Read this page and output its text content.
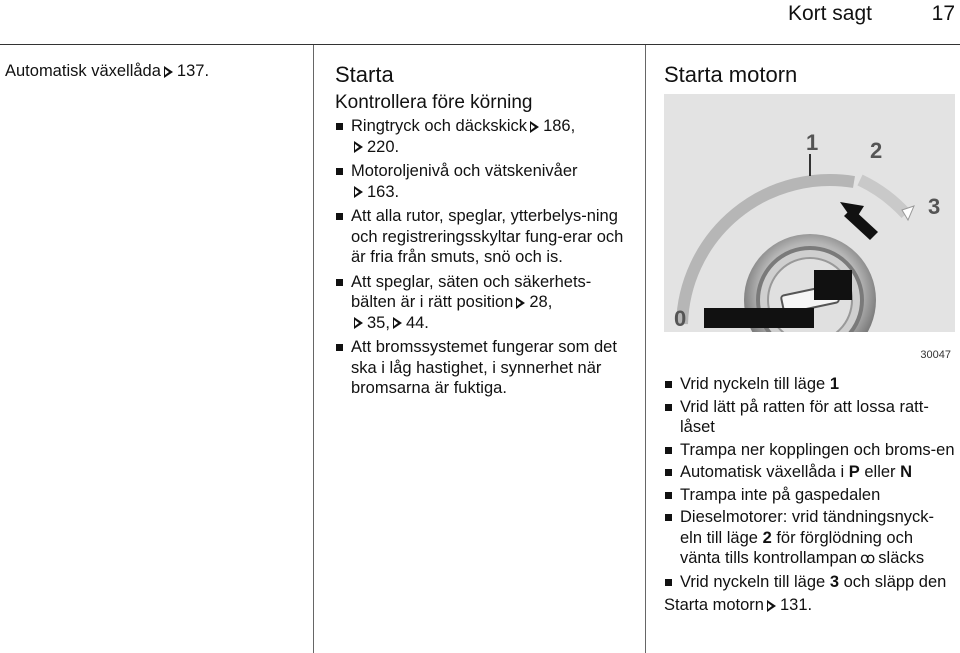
Kort sagt	17
Automatisk växellåda 137.	Starta
Kontrollera före körning
Ringtryck och däckskick 186,
220.
Motoroljenivå och vätskenivåer
163.
Att alla rutor, speglar, ytterbelys-ning och registreringsskyltar fung-erar och är fria från smuts, snö och is.
Att speglar, säten och säkerhets-bälten är i rätt position 28,
35, 44.
Att bromssystemet fungerar som det ska i låg hastighet, i synnerhet när bromsarna är fuktiga.
Starta motorn
1 2
3
0
30047
Vrid nyckeln till läge 1
Vrid lätt på ratten för att lossa ratt-låset
Trampa ner kopplingen och broms-en
Automatisk växellåda i P eller N
Trampa inte på gaspedalen
Dieselmotorer: vrid tändningsnyck-eln till läge 2 för förglödning och vänta tills kontrollampan ꝏ släcks
Vrid nyckeln till läge 3 och släpp den
Starta motorn 131.
